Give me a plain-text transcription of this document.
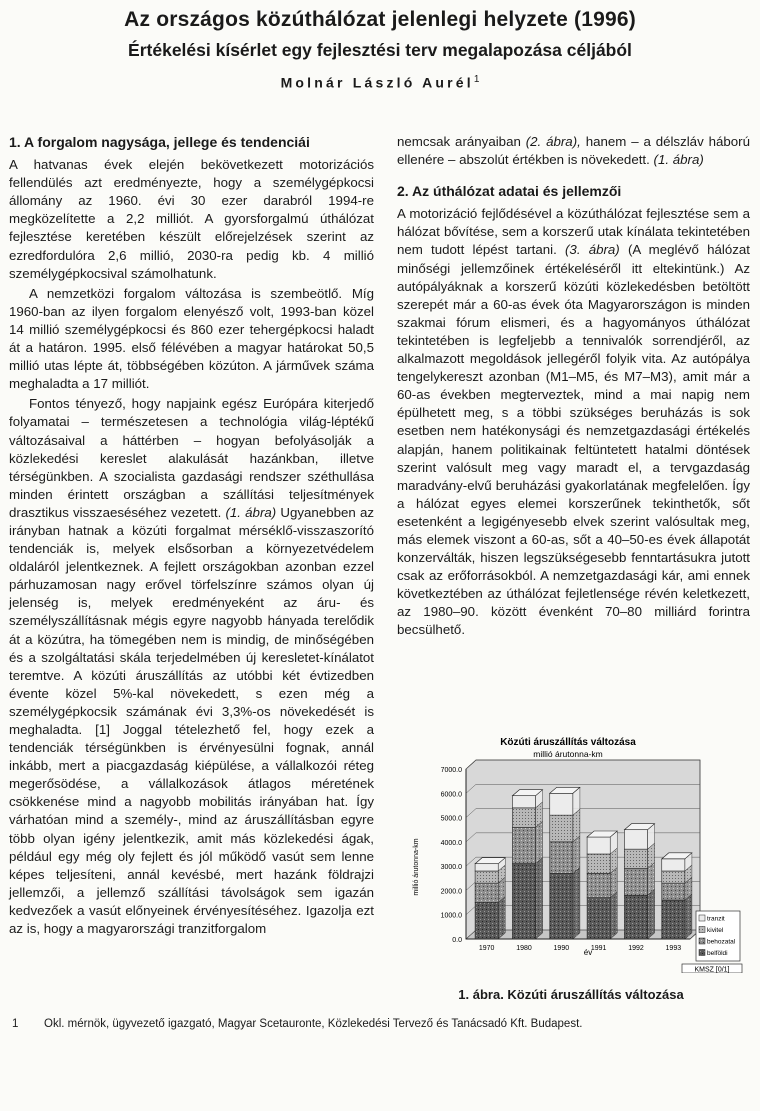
Az országos közúthálózat jelenlegi helyzete (1996)
Értékelési kísérlet egy fejlesztési terv megalapozása céljából
Molnár László Aurél$^1$
1. A forgalom nagysága, jellege és tendenciái

A hatvanas évek elején bekövetkezett motorizációs fellendülés azt eredményezte, hogy a személygépkocsi állomány az 1960. évi 30 ezer darabról 1994-re megközelítette a 2,2 milliót. A gyorsforgalmú úthálózat fejlesztése keretében készült előrejelzések szerint az ezredfordulóra 2,6 millió, 2030-ra pedig kb. 4 millió személygépkocsival számolhatunk.

A nemzetközi forgalom változása is szembeötlő. Míg 1960-ban az ilyen forgalom elenyésző volt, 1993-ban közel 14 millió személygépkocsi és 860 ezer tehergépkocsi haladt át a határon. 1995. első félévében a magyar határokat 50,5 millió utas lépte át, többségében közúton. A járművek száma meghaladta a 17 milliót.

Fontos tényező, hogy napjaink egész Európára kiterjedő folyamatai – természetesen a technológia világ-léptékű változásaival a háttérben – hogyan befolyásolják a közlekedési kereslet alakulását hazánkban, illetve térségünkben. A szocialista gazdasági rendszer széthullása minden érintett országban a szállítási teljesítmények drasztikus visszaeséséhez vezetett. (1. ábra) Ugyanebben az irányban hatnak a közúti forgalmat mérséklő-visszaszorító tendenciák is, melyek elsősorban a környezetvédelem oldaláról jelentkeznek. A fejlett országokban azonban ezzel párhuzamosan nagy erővel törfelszínre számos olyan új jelenség is, melyek eredményeként az áru- és személyszállításnak mégis egyre nagyobb hányada terelődik át a közútra, ha tömegében nem is mindig, de minőségében és a szolgáltatási skála terjedelmében új keresletet-kínálatot teremtve. A közúti áruszállítás az utóbbi két évtizedben évente közel 5%-kal növekedett, s ezen még a személygépkocsik számának évi 3,3%-os növekedését is meghaladta. [1] Joggal tételezhető fel, hogy ezek a tendenciák térségünkben is érvényesülni fognak, annál inkább, mert a piacgazdaság kiépülése, a vállalkozói réteg megerősödése, a vállalkozások átlagos méretének csökkenése mind a nagyobb mobilitás irányában hat. Így várhatóan mind a személy-, mind az áruszállításban egyre több olyan igény jelentkezik, amit más közlekedési ágak, például egy még oly fejlett és jól működő vasút sem lenne képes teljesíteni, annál kevésbé, mert hazánk földrajzi jellemzői, a jellemző szállítási távolságok sem igazán kedvezőek a vasút előnyeinek érvényesítéséhez. Igazolja ezt az is, hogy a magyarországi tranzitforgalom

nemcsak arányaiban (2. ábra), hanem – a délszláv háború ellenére – abszolút értékben is növekedett. (1. ábra)

2. Az úthálózat adatai és jellemzői

A motorizáció fejlődésével a közúthálózat fejlesztése sem a hálózat bővítése, sem a korszerű utak kínálata tekintetében nem tudott lépést tartani. (3. ábra) (A meglévő hálózat minőségi jellemzőinek értékeléséről itt eltekintünk.) Az autópályáknak a korszerű közúti közlekedésben betöltött szerepét már a 60-as évek óta Magyarországon is minden szakmai fórum elismeri, és a hagyományos úthálózat tekintetében is legfeljebb a tennivalók sorrendjéről, az alkalmazott megoldások jellegéről folyik vita. Az autópálya tengelykereszt azonban (M1–M5, és M7–M3), amit már a 60-as években megterveztek, mind a mai napig nem épülhetett meg, s a többi szükséges beruházás is sok esetben nem hatékonysági és nemzetgazdasági értékelés alapján, hanem politikainak feltüntetett hatalmi döntések szerint valósult meg vagy maradt el, a tervgazdaság maradvány-elvű beruházási gyakorlatának megfelelően. Így a hálózat egyes elemei korszerűnek tekinthetők, sőt esetenként a legigényesebb elvek szerint valósultak meg, más elemek viszont a 60-as, sőt a 40–50-es évek állapotát konzerválták, hiszen legszükségesebb fenntartásukra jutott csak az erőforrásokból. A nemzetgazdasági kár, ami ennek következtében az úthálózat fejletlensége révén keletkezett, az 1980–90. között évenként 70–80 milliárd forintra becsülhető.

Közúti áruszállítás változása
millió árutonna-km
millió árutonna-km
év
0.0
1000.0
2000.0
3000.0
4000.0
5000.0
6000.0
7000.0
1970	1980	1990	1991	1992	1993
tranzit
kivitel
behozatal
belföldi
KMSZ [0/1]
1. ábra. Közúti áruszállítás változása
1 Okl. mérnök, ügyvezető igazgató, Magyar Scetauronte, Közlekedési Tervező és Tanácsadó Kft. Budapest.
